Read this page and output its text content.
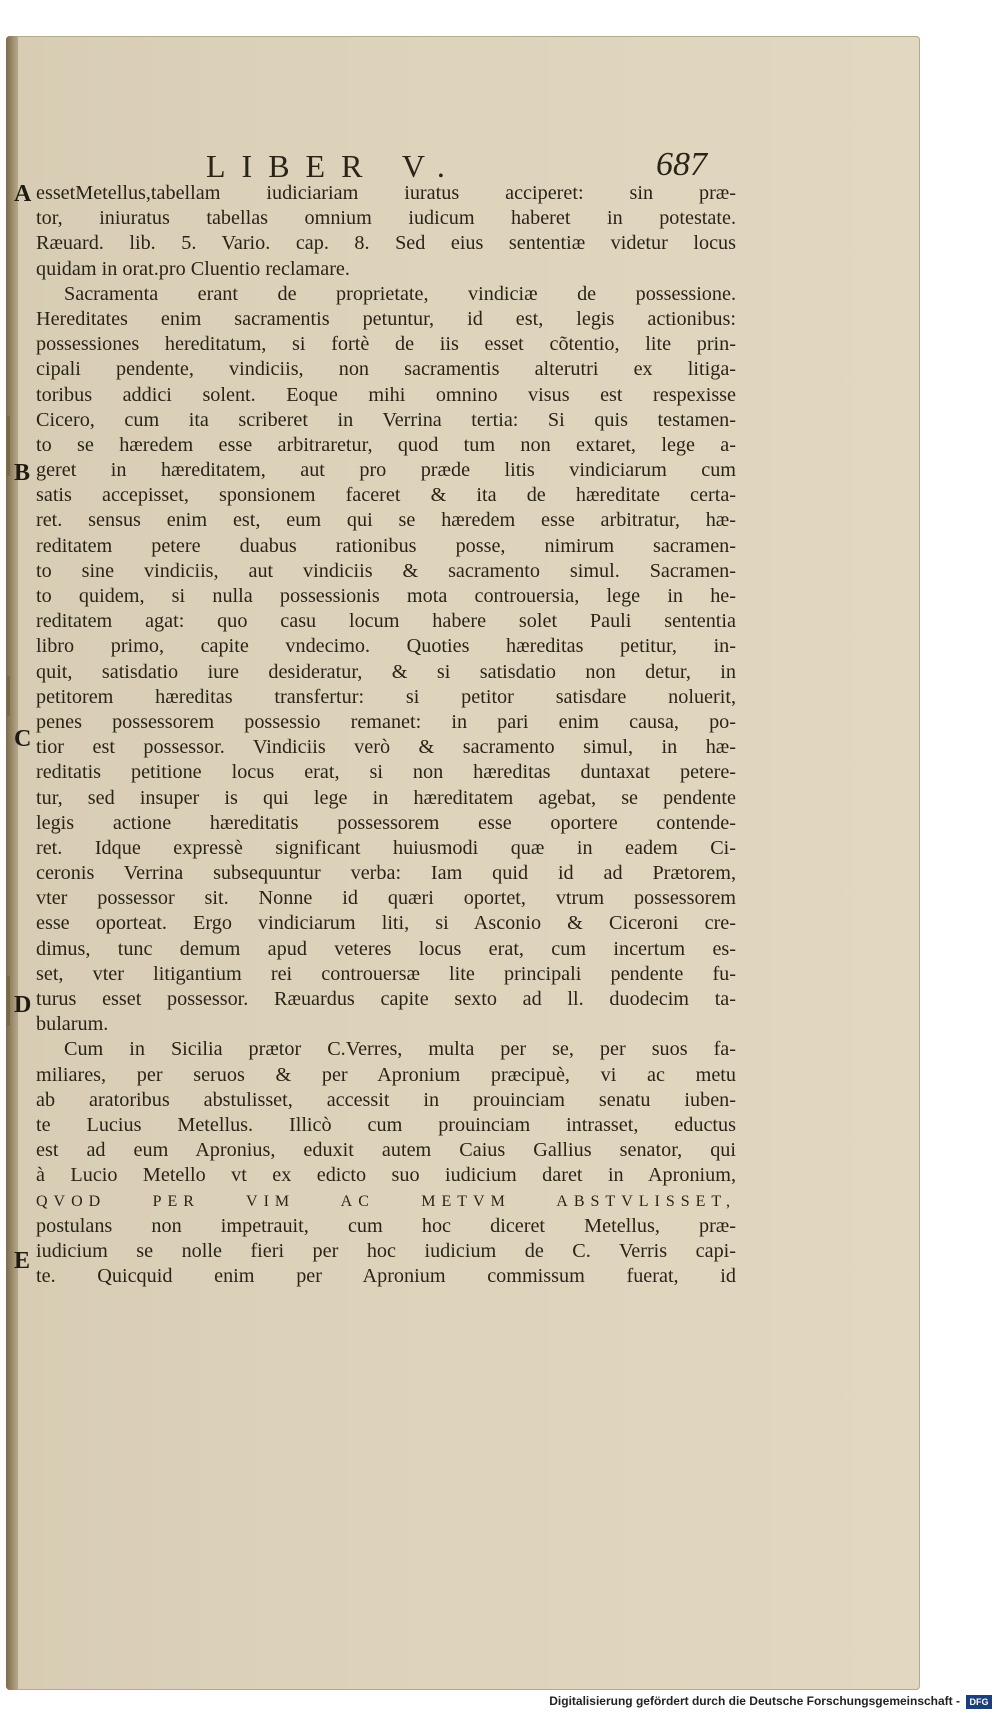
LIBER V.	687
A
B
C
D
E
essetMetellus,tabellam iudiciariam iuratus acciperet: sin præ-
tor, iniuratus tabellas omnium iudicum haberet in potestate.
Ræuard. lib. 5. Vario. cap. 8. Sed eius sententiæ videtur locus
quidam in orat.pro Cluentio reclamare.
Sacramenta erant de proprietate, vindiciæ de possessione.
Hereditates enim sacramentis petuntur, id est, legis actionibus:
possessiones hereditatum, si fortè de iis esset cõtentio, lite prin-
cipali pendente, vindiciis, non sacramentis alterutri ex litiga-
toribus addici solent. Eoque mihi omnino visus est respexisse
Cicero, cum ita scriberet in Verrina tertia: Si quis testamen-
to se hæredem esse arbitraretur, quod tum non extaret, lege a-
geret in hæreditatem, aut pro præde litis vindiciarum cum
satis accepisset, sponsionem faceret & ita de hæreditate certa-
ret. sensus enim est, eum qui se hæredem esse arbitratur, hæ-
reditatem petere duabus rationibus posse, nimirum sacramen-
to sine vindiciis, aut vindiciis & sacramento simul. Sacramen-
to quidem, si nulla possessionis mota controuersia, lege in he-
reditatem agat: quo casu locum habere solet Pauli sententia
libro primo, capite vndecimo. Quoties hæreditas petitur, in-
quit, satisdatio iure desideratur, & si satisdatio non detur, in
petitorem hæreditas transfertur: si petitor satisdare noluerit,
penes possessorem possessio remanet: in pari enim causa, po-
tior est possessor. Vindiciis verò & sacramento simul, in hæ-
reditatis petitione locus erat, si non hæreditas duntaxat petere-
tur, sed insuper is qui lege in hæreditatem agebat, se pendente
legis actione hæreditatis possessorem esse oportere contende-
ret. Idque expressè significant huiusmodi quæ in eadem Ci-
ceronis Verrina subsequuntur verba: Iam quid id ad Prætorem,
vter possessor sit. Nonne id quæri oportet, vtrum possessorem
esse oporteat. Ergo vindiciarum liti, si Asconio & Ciceroni cre-
dimus, tunc demum apud veteres locus erat, cum incertum es-
set, vter litigantium rei controuersæ lite principali pendente fu-
turus esset possessor. Ræuardus capite sexto ad ll. duodecim ta-
bularum.
Cum in Sicilia prætor C.Verres, multa per se, per suos fa-
miliares, per seruos & per Apronium præcipuè, vi ac metu
ab aratoribus abstulisset, accessit in prouinciam senatu iuben-
te Lucius Metellus. Illicò cum prouinciam intrasset, eductus
est ad eum Apronius, eduxit autem Caius Gallius senator, qui
à Lucio Metello vt ex edicto suo iudicium daret in Apronium,
QVOD PER VIM AC METVM ABSTVLISSET,
postulans non impetrauit, cum hoc diceret Metellus, præ-
iudicium se nolle fieri per hoc iudicium de C. Verris capi-
te. Quicquid enim per Apronium commissum fuerat, id
Digitalisierung gefördert durch die Deutsche Forschungsgemeinschaft -	DFG
